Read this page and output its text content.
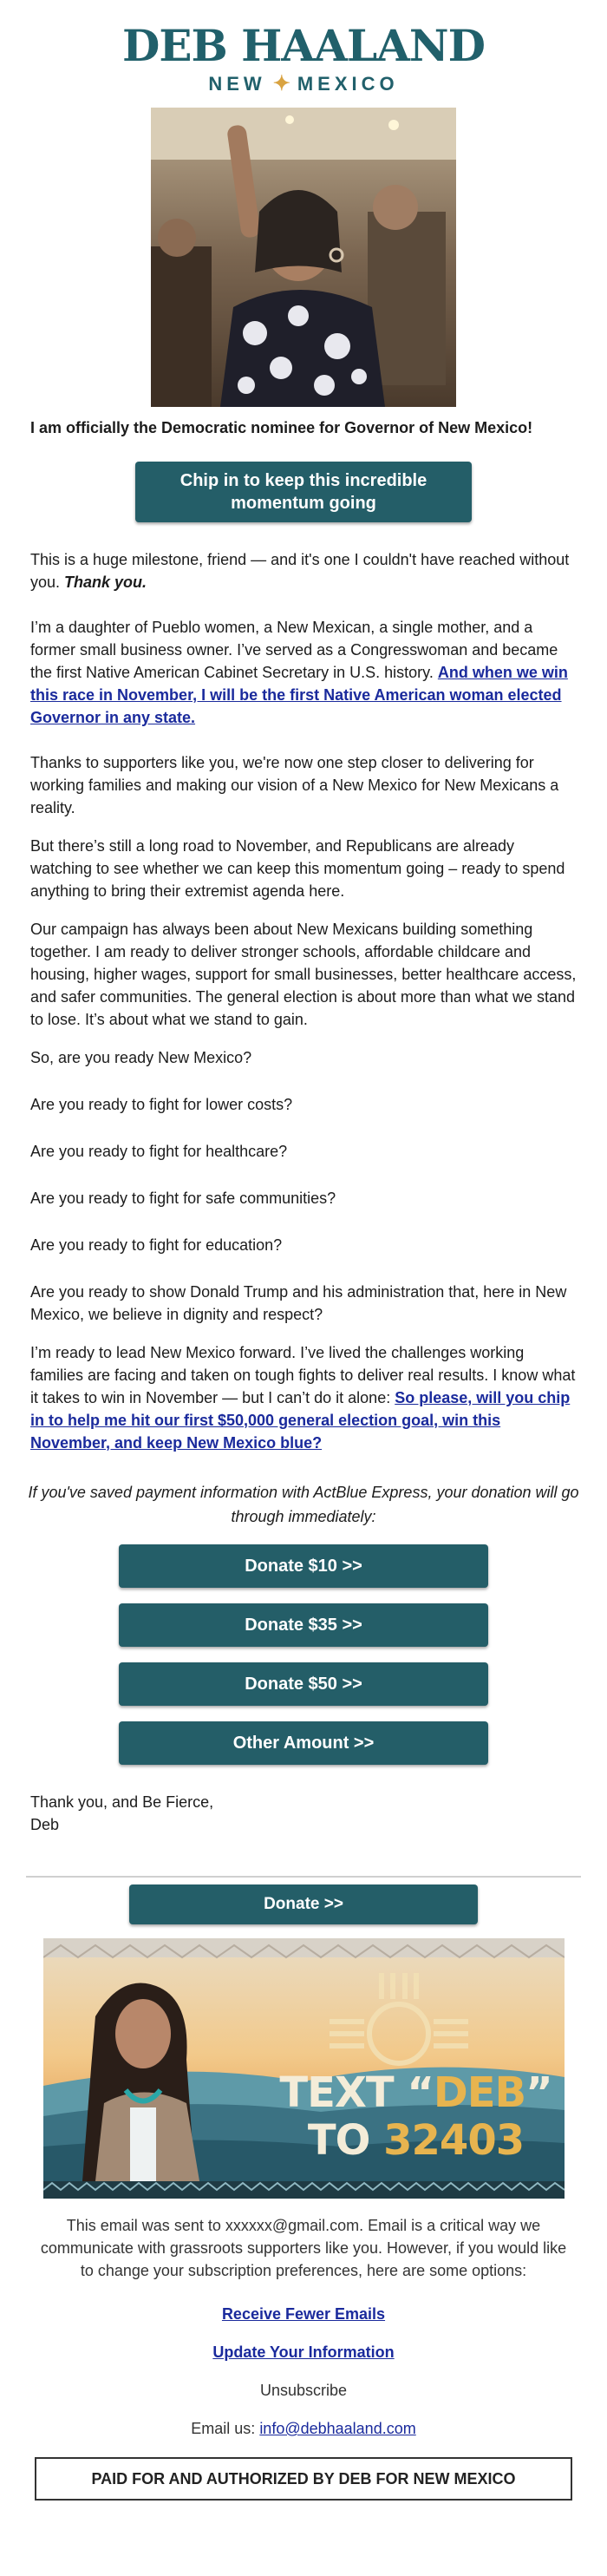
DEB HAALAND
NEW ✦ MEXICO
I am officially the Democratic nominee for Governor of New Mexico!
Chip in to keep this incredible momentum going

This is a huge milestone, friend — and it's one I couldn't have reached without you. Thank you.

I’m a daughter of Pueblo women, a New Mexican, a single mother, and a former small business owner. I’ve served as a Congresswoman and became the first Native American Cabinet Secretary in U.S. history. And when we win this race in November, I will be the first Native American woman elected Governor in any state.

Thanks to supporters like you, we're now one step closer to delivering for working families and making our vision of a New Mexico for New Mexicans a reality.

But there’s still a long road to November, and Republicans are already watching to see whether we can keep this momentum going – ready to spend anything to bring their extremist agenda here.

Our campaign has always been about New Mexicans building something together. I am ready to deliver stronger schools, affordable childcare and housing, higher wages, support for small businesses, better healthcare access, and safer communities. The general election is about more than what we stand to lose. It’s about what we stand to gain.

So, are you ready New Mexico?

Are you ready to fight for lower costs?

Are you ready to fight for healthcare?

Are you ready to fight for safe communities?

Are you ready to fight for education?

Are you ready to show Donald Trump and his administration that, here in New Mexico, we believe in dignity and respect?

I’m ready to lead New Mexico forward. I’ve lived the challenges working families are facing and taken on tough fights to deliver real results. I know what it takes to win in November — but I can’t do it alone: So please, will you chip in to help me hit our first $50,000 general election goal, win this November, and keep New Mexico blue?

If you've saved payment information with ActBlue Express, your donation will go through immediately:
Donate $10 >>
Donate $35 >>
Donate $50 >>
Other Amount >>

Thank you, and Be Fierce,

Deb

Donate >>
TEXT “DEB”
TO 32403

This email was sent to xxxxxx@gmail.com. Email is a critical way we communicate with grassroots supporters like you. However, if you would like to change your subscription preferences, here are some options:

Receive Fewer Emails

Update Your Information

Unsubscribe

Email us: info@debhaaland.com

PAID FOR AND AUTHORIZED BY DEB FOR NEW MEXICO
